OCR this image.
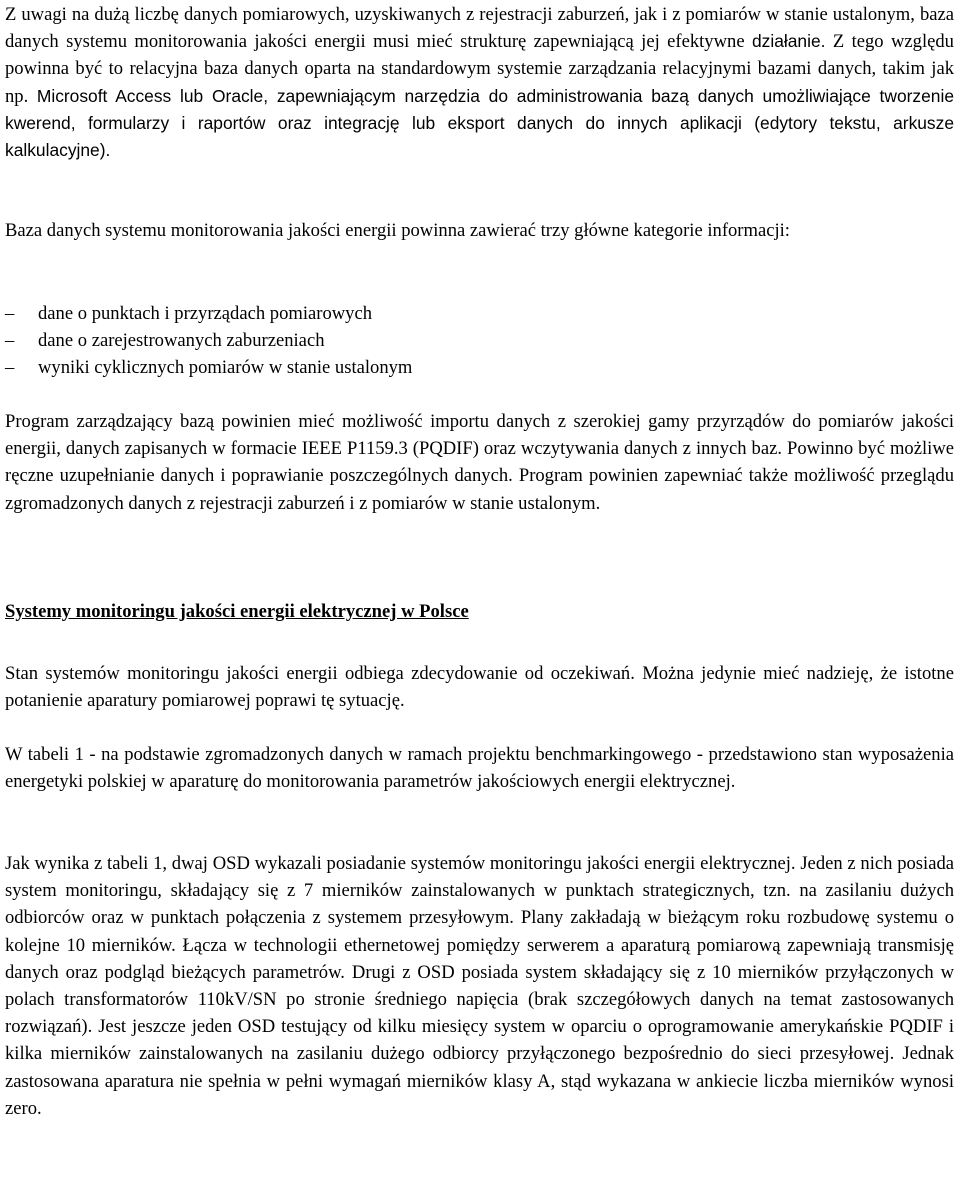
Z uwagi na dużą liczbę danych pomiarowych, uzyskiwanych z rejestracji zaburzeń, jak i z pomiarów w stanie ustalonym, baza danych systemu monitorowania jakości energii musi mieć strukturę zapewniającą jej efektywne działanie. Z tego względu powinna być to relacyjna baza danych oparta na standardowym systemie zarządzania relacyjnymi bazami danych, takim jak np. Microsoft Access lub Oracle, zapewniającym narzędzia do administrowania bazą danych umożliwiające tworzenie kwerend, formularzy i raportów oraz integrację lub eksport danych do innych aplikacji (edytory tekstu, arkusze kalkulacyjne).

Baza danych systemu monitorowania jakości energii powinna zawierać trzy główne kategorie informacji:

– dane o punktach i przyrządach pomiarowych
– dane o zarejestrowanych zaburzeniach
– wyniki cyklicznych pomiarów w stanie ustalonym

Program zarządzający bazą powinien mieć możliwość importu danych z szerokiej gamy przyrządów do pomiarów jakości energii, danych zapisanych w formacie IEEE P1159.3 (PQDIF) oraz wczytywania danych z innych baz. Powinno być możliwe ręczne uzupełnianie danych i poprawianie poszczególnych danych. Program powinien zapewniać także możliwość przeglądu zgromadzonych danych z rejestracji zaburzeń i z pomiarów w stanie ustalonym.

Systemy monitoringu jakości energii elektrycznej w Polsce

Stan systemów monitoringu jakości energii odbiega zdecydowanie od oczekiwań. Można jedynie mieć nadzieję, że istotne potanienie aparatury pomiarowej poprawi tę sytuację.

W tabeli 1 - na podstawie zgromadzonych danych w ramach projektu benchmarkingowego - przedstawiono stan wyposażenia energetyki polskiej w aparaturę do monitorowania parametrów jakościowych energii elektrycznej.

Jak wynika z tabeli 1, dwaj OSD wykazali posiadanie systemów monitoringu jakości energii elektrycznej. Jeden z nich posiada system monitoringu, składający się z 7 mierników zainstalowanych w punktach strategicznych, tzn. na zasilaniu dużych odbiorców oraz w punktach połączenia z systemem przesyłowym. Plany zakładają w bieżącym roku rozbudowę systemu o kolejne 10 mierników. Łącza w technologii ethernetowej pomiędzy serwerem a aparaturą pomiarową zapewniają transmisję danych oraz podgląd bieżących parametrów. Drugi z OSD posiada system składający się z 10 mierników przyłączonych w polach transformatorów 110kV/SN po stronie średniego napięcia (brak szczegółowych danych na temat zastosowanych rozwiązań). Jest jeszcze jeden OSD testujący od kilku miesięcy system w oparciu o oprogramowanie amerykańskie PQDIF i kilka mierników zainstalowanych na zasilaniu dużego odbiorcy przyłączonego bezpośrednio do sieci przesyłowej. Jednak zastosowana aparatura nie spełnia w pełni wymagań mierników klasy A, stąd wykazana w ankiecie liczba mierników wynosi zero.
